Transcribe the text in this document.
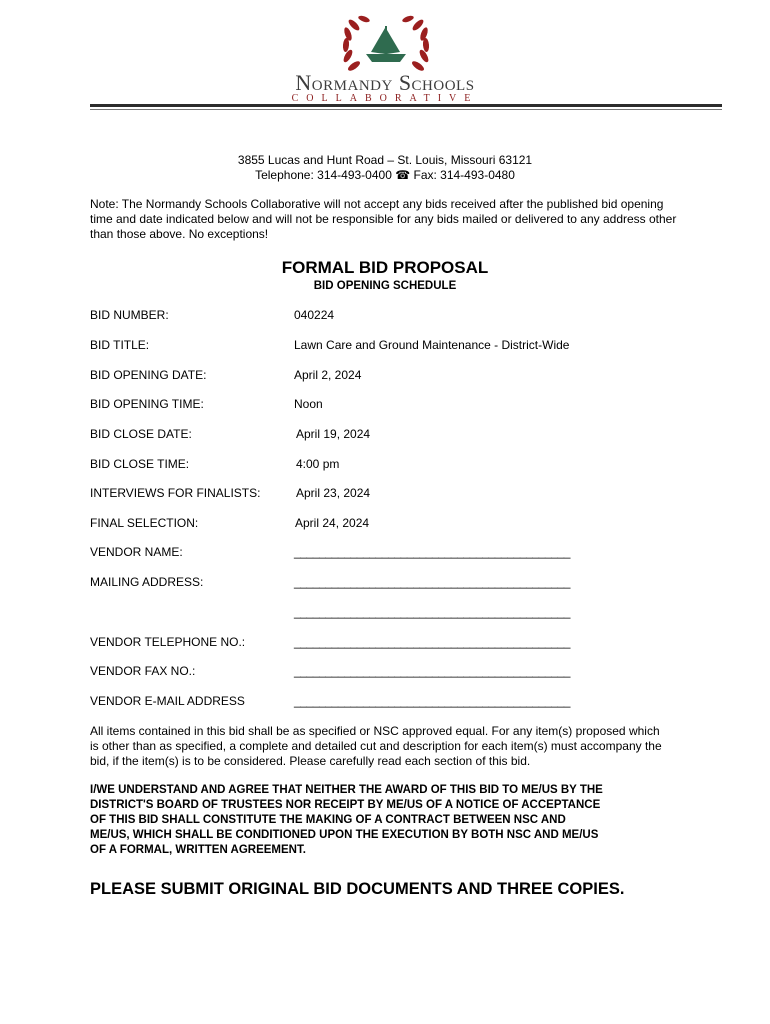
Normandy Schools
COLLABORATIVE
3855 Lucas and Hunt Road – St. Louis, Missouri 63121
Telephone: 314-493-0400 ☎ Fax: 314-493-0480
Note: The Normandy Schools Collaborative will not accept any bids received after the published bid opening
time and date indicated below and will not be responsible for any bids mailed or delivered to any address other
than those above. No exceptions!
FORMAL BID PROPOSAL
BID OPENING SCHEDULE
BID NUMBER:	040224
BID TITLE:	Lawn Care and Ground Maintenance - District-Wide
BID OPENING DATE:	April 2, 2024
BID OPENING TIME:	Noon
BID CLOSE DATE:	April 19, 2024
BID CLOSE TIME:	4:00 pm
INTERVIEWS FOR FINALISTS:	April 23, 2024
FINAL SELECTION:	April 24, 2024
VENDOR NAME:	____________________________________________
MAILING ADDRESS:	____________________________________________
____________________________________________
VENDOR TELEPHONE NO.:	____________________________________________
VENDOR FAX NO.:	____________________________________________
VENDOR E-MAIL ADDRESS	____________________________________________
All items contained in this bid shall be as specified or NSC approved equal. For any item(s) proposed which
is other than as specified, a complete and detailed cut and description for each item(s) must accompany the
bid, if the item(s) is to be considered. Please carefully read each section of this bid.
I/WE UNDERSTAND AND AGREE THAT NEITHER THE AWARD OF THIS BID TO ME/US BY THE
DISTRICT'S BOARD OF TRUSTEES NOR RECEIPT BY ME/US OF A NOTICE OF ACCEPTANCE
OF THIS BID SHALL CONSTITUTE THE MAKING OF A CONTRACT BETWEEN NSC AND
ME/US, WHICH SHALL BE CONDITIONED UPON THE EXECUTION BY BOTH NSC AND ME/US
OF A FORMAL, WRITTEN AGREEMENT.
PLEASE SUBMIT ORIGINAL BID DOCUMENTS AND THREE COPIES.
